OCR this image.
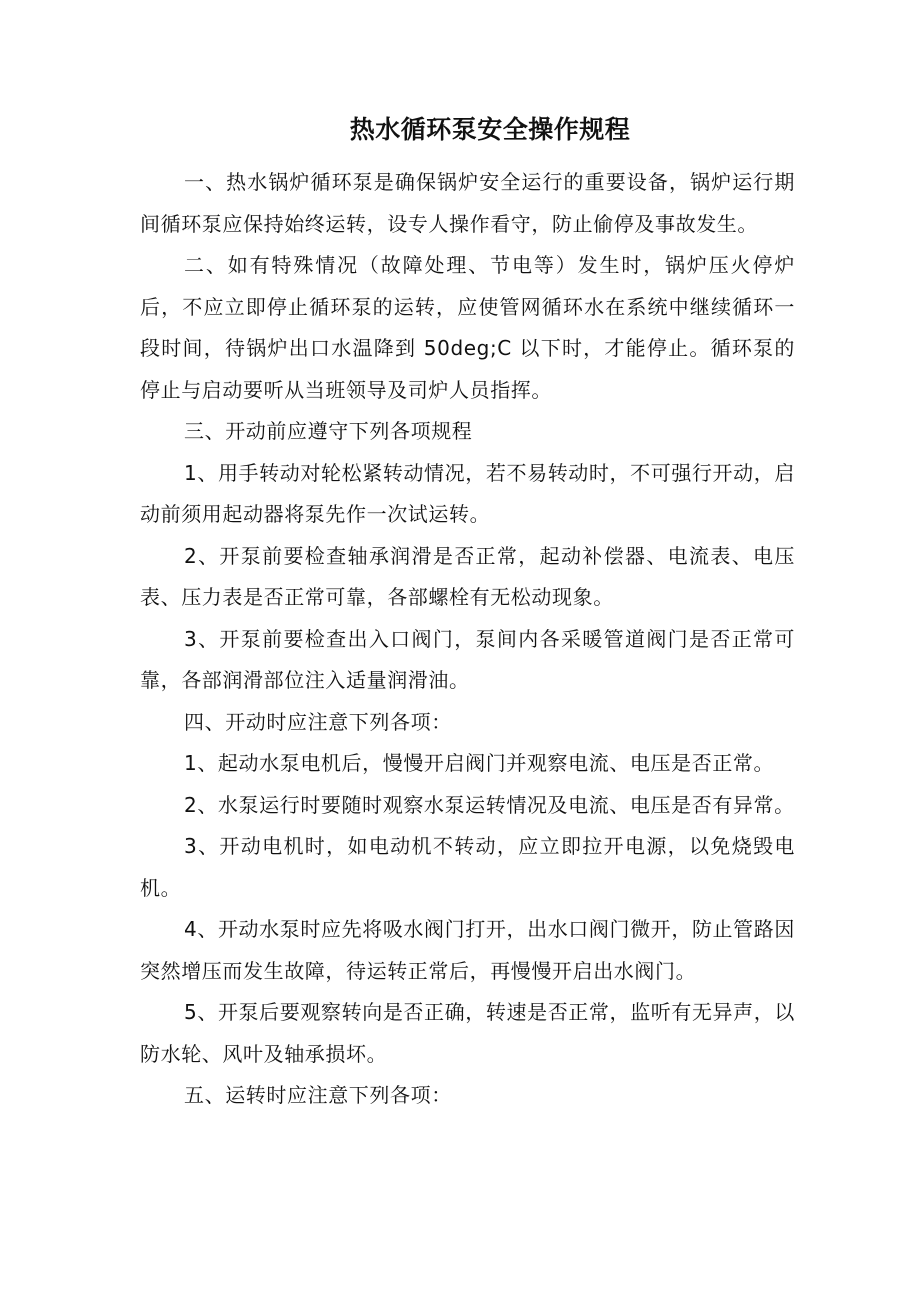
热水循环泵安全操作规程

一、热水锅炉循环泵是确保锅炉安全运行的重要设备，锅炉运行期间循环泵应保持始终运转，设专人操作看守，防止偷停及事故发生。

二、如有特殊情况（故障处理、节电等）发生时，锅炉压火停炉后，不应立即停止循环泵的运转，应使管网循环水在系统中继续循环一段时间，待锅炉出口水温降到 50deg;C 以下时，才能停止。循环泵的停止与启动要听从当班领导及司炉人员指挥。

三、开动前应遵守下列各项规程

1、用手转动对轮松紧转动情况，若不易转动时，不可强行开动，启动前须用起动器将泵先作一次试运转。

2、开泵前要检查轴承润滑是否正常，起动补偿器、电流表、电压表、压力表是否正常可靠，各部螺栓有无松动现象。

3、开泵前要检查出入口阀门，泵间内各采暖管道阀门是否正常可靠，各部润滑部位注入适量润滑油。

四、开动时应注意下列各项：

1、起动水泵电机后，慢慢开启阀门并观察电流、电压是否正常。

2、水泵运行时要随时观察水泵运转情况及电流、电压是否有异常。

3、开动电机时，如电动机不转动，应立即拉开电源，以免烧毁电机。

4、开动水泵时应先将吸水阀门打开，出水口阀门微开，防止管路因突然增压而发生故障，待运转正常后，再慢慢开启出水阀门。

5、开泵后要观察转向是否正确，转速是否正常，监听有无异声，以防水轮、风叶及轴承损坏。

五、运转时应注意下列各项：
